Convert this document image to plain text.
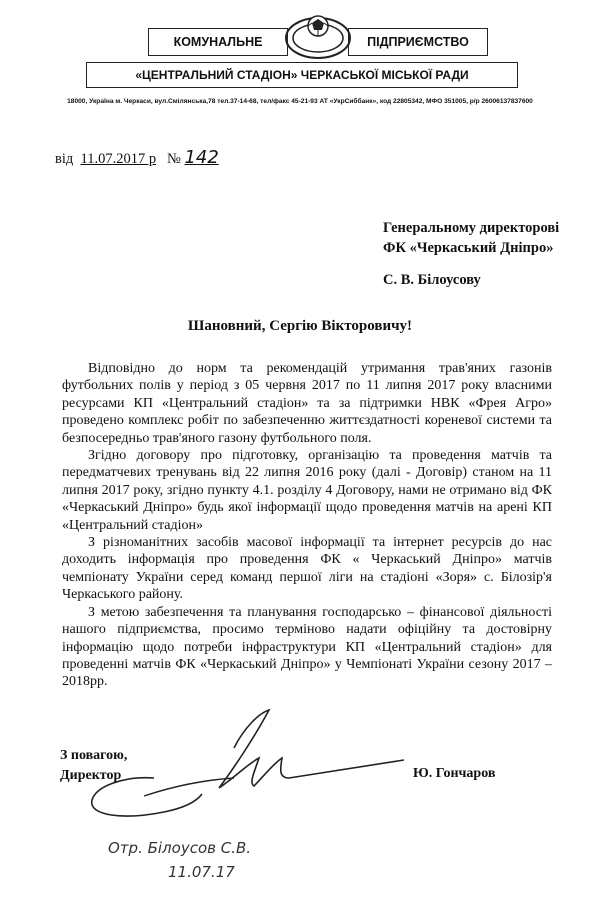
КОМУНАЛЬНЕ	ПІДПРИЄМСТВО
«ЦЕНТРАЛЬНИЙ СТАДІОН» ЧЕРКАСЬКОЇ МІСЬКОЇ РАДИ
18000, Україна м. Черкаси, вул.Смілянська,78 тел.37-14-68, тел/факс 45-21-93 АТ «УкрСиббанк», код 22805342, МФО 351005, р/р 26006137837600
від 11.07.2017 р № 142
Генеральному директорові
ФК «Черкаський Дніпро»
С. В. Білоусову
Шановний, Сергію Вікторовичу!

Відповідно до норм та рекомендацій утримання трав'яних газонів футбольних полів у період з 05 червня 2017 по 11 липня 2017 року власними ресурсами КП «Центральний стадіон» та за підтримки НВК «Фрея Агро» проведено комплекс робіт по забезпеченню життєздатності кореневої системи та безпосередньо трав'яного газону футбольного поля.

Згідно договору про підготовку, організацію та проведення матчів та передматчевих тренувань від 22 липня 2016 року (далі - Договір) станом на 11 липня 2017 року, згідно пункту 4.1. розділу 4 Договору, нами не отримано від ФК «Черкаський Дніпро» будь якої інформації щодо проведення матчів на арені КП «Центральний стадіон»

З різноманітних засобів масової інформації та інтернет ресурсів до нас доходить інформація про проведення ФК « Черкаський Дніпро» матчів чемпіонату України серед команд першої ліги на стадіоні «Зоря» с. Білозір'я Черкаського району.

З метою забезпечення та планування господарсько – фінансової діяльності нашого підприємства, просимо терміново надати офіційну та достовірну інформацію щодо потреби інфраструктури КП «Центральний стадіон» для проведенні матчів ФК «Черкаський Дніпро» у Чемпіонаті України сезону 2017 – 2018рр.

З повагою,
Директор	Ю. Гончаров
Отр. Білоусов С.В.
11.07.17
